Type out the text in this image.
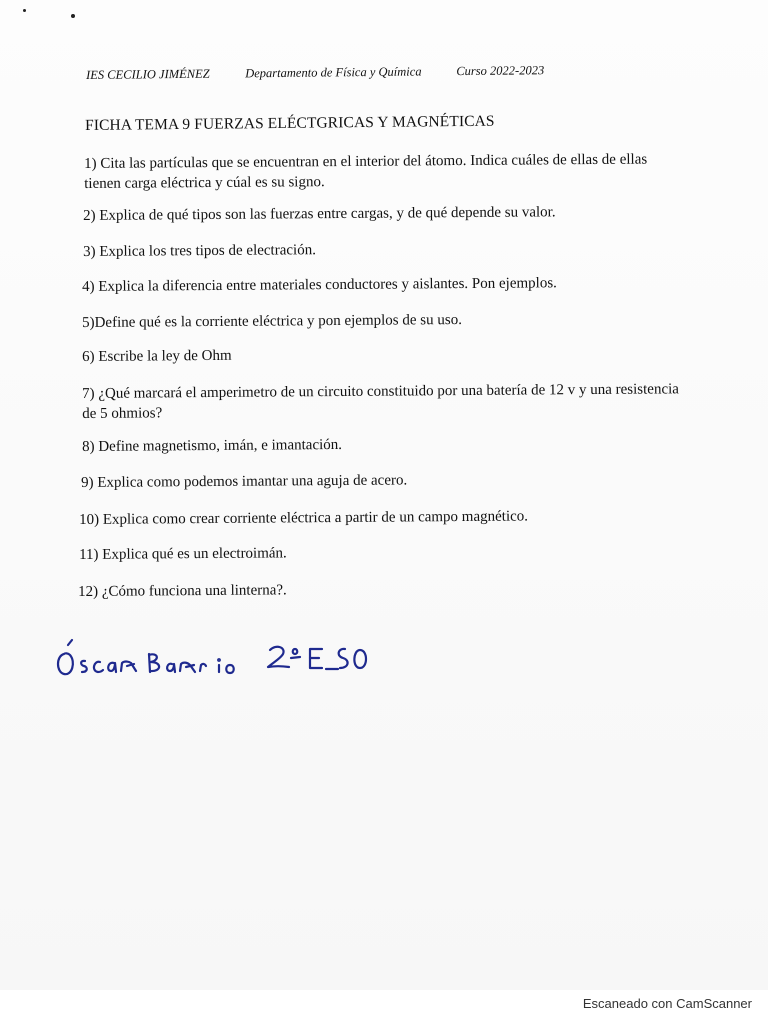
IES CECILIO JIMÉNEZ	Departamento de Física y Química	Curso 2022-2023
FICHA TEMA 9 FUERZAS ELÉCTGRICAS Y MAGNÉTICAS
1) Cita las partículas que se encuentran en el interior del átomo. Indica cuáles de ellas de ellas
tienen carga eléctrica y cúal es su signo.
2) Explica de qué tipos son las fuerzas entre cargas, y de qué depende su valor.
3) Explica los tres tipos de electración.
4) Explica la diferencia entre materiales conductores y aislantes. Pon ejemplos.
5)Define qué es la corriente eléctrica y pon ejemplos de su uso.
6) Escribe la ley de Ohm
7) ¿Qué marcará el amperimetro de un circuito constituido por una batería de 12 v y una resistencia
de 5 ohmios?
8) Define magnetismo, imán, e imantación.
9) Explica como podemos imantar una aguja de acero.
10) Explica como crear corriente eléctrica a partir de un campo magnético.
11) Explica qué es un electroimán.
12) ¿Cómo funciona una linterna?.
Escaneado con CamScanner
